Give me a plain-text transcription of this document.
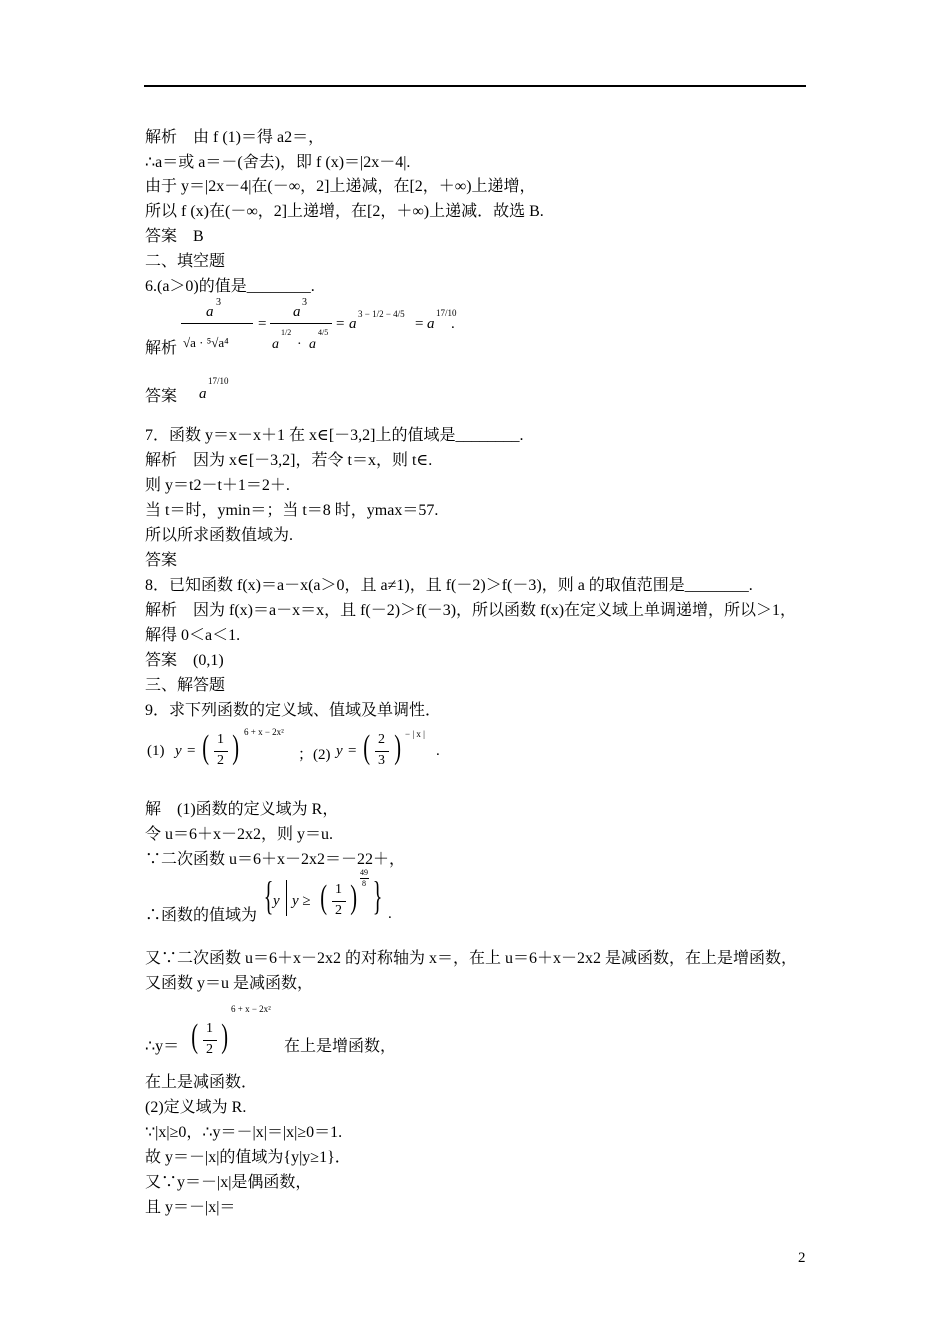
解析　由 f (1)＝得 a2＝，
∴a＝或 a＝－(舍去)，即 f (x)＝|2x－4|.
由于 y＝|2x－4|在(－∞，2]上递减，在[2，＋∞)上递增，
所以 f (x)在(－∞，2]上递增，在[2，＋∞)上递减．故选 B.
答案　B
二、填空题
6.(a＞0)的值是________.
a
3
√a · ⁵√a⁴
=
a
3
a
1/2
· a
4/5
= a
3 − 1/2 − 4/5
= a
17/10
.
解析
答案 a
17/10
7．函数 y＝x－x＋1 在 x∈[－3,2]上的值域是________.
解析　因为 x∈[－3,2]，若令 t＝x，则 t∈.
则 y＝t2－t＋1＝2＋.
当 t＝时，ymin＝；当 t＝8 时，ymax＝57.
所以所求函数值域为.
答案
8．已知函数 f(x)＝a－x(a＞0，且 a≠1)，且 f(－2)＞f(－3)，则 a 的取值范围是________.
解析　因为 f(x)＝a－x＝x，且 f(－2)＞f(－3)，所以函数 f(x)在定义域上单调递增，所以＞1，
解得 0＜a＜1.
答案　(0,1)
三、解答题
9．求下列函数的定义域、值域及单调性．
(1) y = ( 1
2 ) 6 + x − 2x²
；(2) y = ( 2
3 ) − | x |
.
解　(1)函数的定义域为 R，
令 u＝6＋x－2x2，则 y＝u.
∵二次函数 u＝6＋x－2x2＝－22＋，
∴函数的值域为 { y y ≥ ( 1
2 )
49
8 } .
又∵二次函数 u＝6＋x－2x2 的对称轴为 x＝，在上 u＝6＋x－2x2 是减函数，在上是增函数，
又函数 y＝u 是减函数，
∴y＝ ( 1
2 )
6 + x − 2x²
在上是增函数，
在上是减函数．
(2)定义域为 R.
∵|x|≥0，∴y＝－|x|＝|x|≥0＝1.
故 y＝－|x|的值域为{y|y≥1}．
又∵y＝－|x|是偶函数，
且 y＝－|x|＝
2
